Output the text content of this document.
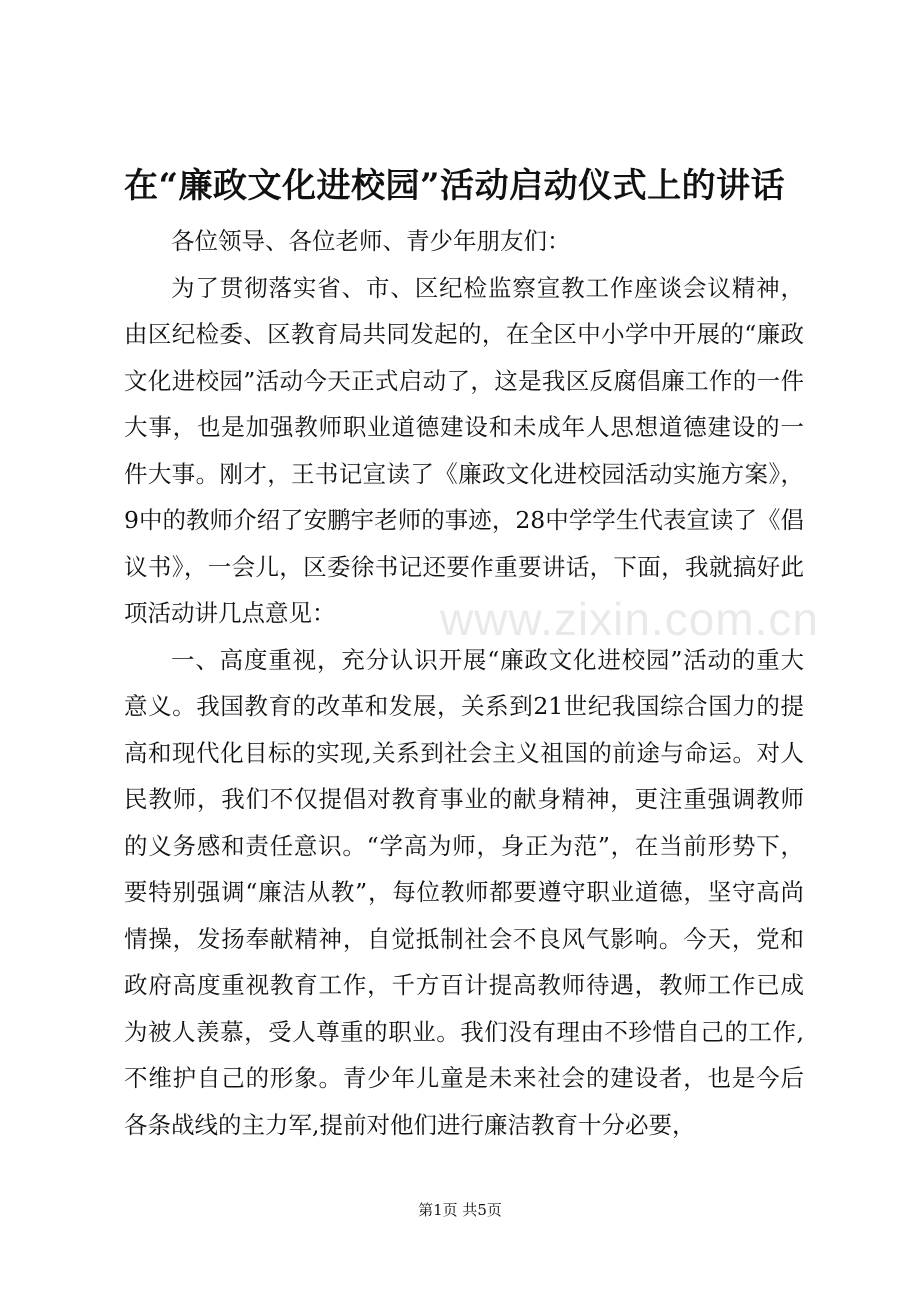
在“廉政文化进校园”活动启动仪式上的讲话

各位领导、各位老师、青少年朋友们：

为了贯彻落实省、市、区纪检监察宣教工作座谈会议精神，由区纪检委、区教育局共同发起的，在全区中小学中开展的“廉政文化进校园”活动今天正式启动了，这是我区反腐倡廉工作的一件大事，也是加强教师职业道德建设和未成年人思想道德建设的一件大事。刚才，王书记宣读了《廉政文化进校园活动实施方案》，9中的教师介绍了安鹏宇老师的事迹，28中学学生代表宣读了《倡议书》，一会儿，区委徐书记还要作重要讲话，下面，我就搞好此项活动讲几点意见：

一、高度重视，充分认识开展“廉政文化进校园”活动的重大意义。我国教育的改革和发展，关系到21世纪我国综合国力的提高和现代化目标的实现,关系到社会主义祖国的前途与命运。对人民教师，我们不仅提倡对教育事业的献身精神，更注重强调教师的义务感和责任意识。“学高为师，身正为范”，在当前形势下，要特别强调“廉洁从教”，每位教师都要遵守职业道德，坚守高尚情操，发扬奉献精神，自觉抵制社会不良风气影响。今天，党和政府高度重视教育工作，千方百计提高教师待遇，教师工作已成为被人羡慕，受人尊重的职业。我们没有理由不珍惜自己的工作,不维护自己的形象。青少年儿童是未来社会的建设者，也是今后各条战线的主力军,提前对他们进行廉洁教育十分必要，

www.zixin.com.cn
第1页 共5页
